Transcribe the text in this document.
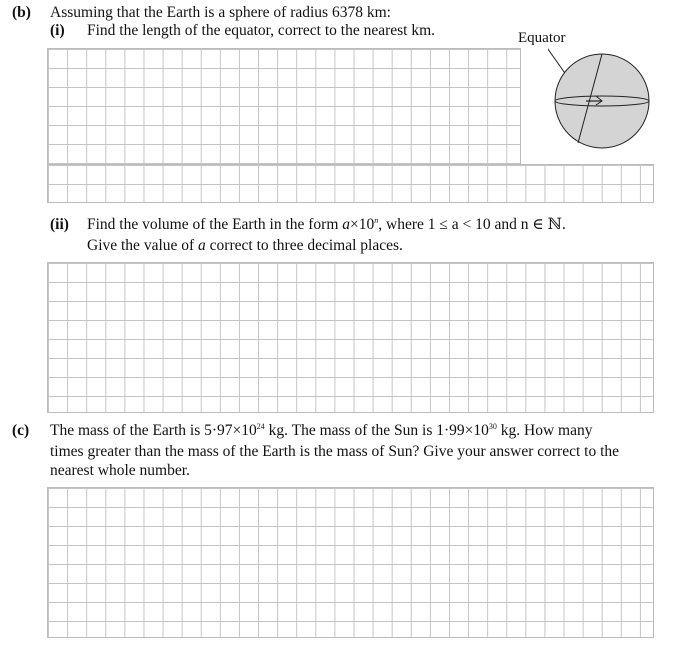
(b) Assuming that the Earth is a sphere of radius 6378 km:
(i) Find the length of the equator, correct to the nearest km.	Equator
(ii) Find the volume of the Earth in the form $a\times 10^n$, where 1 ≤ a < 10 and n ∈ ℕ.
Give the value of a correct to three decimal places.
(c) The mass of the Earth is $5\cdot 97\times 10^{24}$ kg. The mass of the Sun is $1\cdot 99\times 10^{30}$ kg. How many
times greater than the mass of the Earth is the mass of Sun? Give your answer correct to the
nearest whole number.
